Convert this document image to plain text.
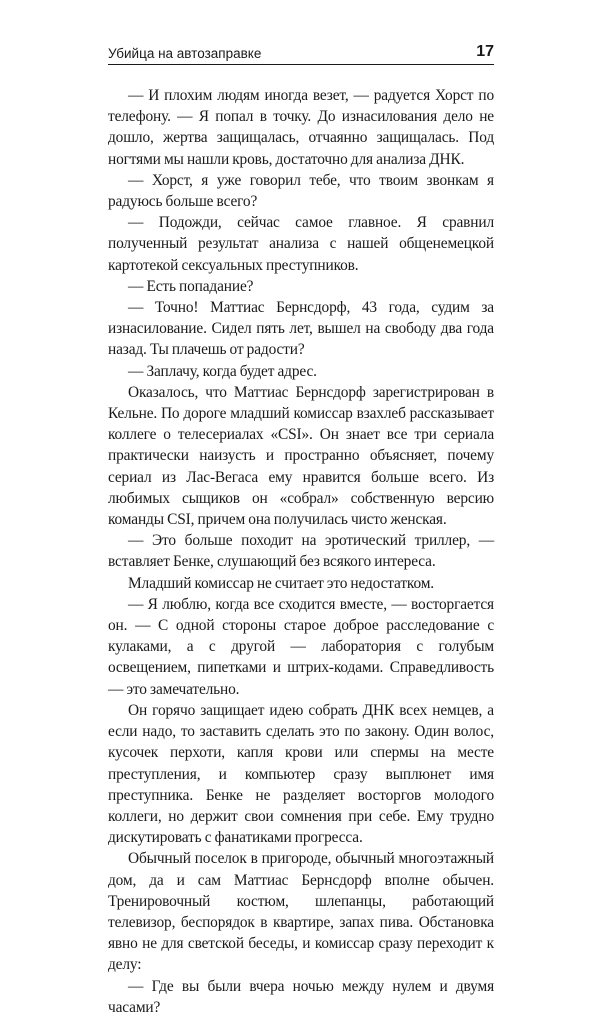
Убийца на автозаправке	17

— И плохим людям иногда везет, — радуется Хорст по телефону. — Я попал в точку. До изнасилования дело не дошло, жертва защищалась, отчаянно защищалась. Под ногтями мы нашли кровь, достаточно для анализа ДНК.

— Хорст, я уже говорил тебе, что твоим звонкам я радуюсь больше всего?

— Подожди, сейчас самое главное. Я сравнил полученный результат анализа с нашей общенемецкой картотекой сексуальных преступников.

— Есть попадание?

— Точно! Маттиас Бернсдорф, 43 года, судим за изнасилование. Сидел пять лет, вышел на свободу два года назад. Ты плачешь от радости?

— Заплачу, когда будет адрес.

Оказалось, что Маттиас Бернсдорф зарегистрирован в Кельне. По дороге младший комиссар взахлеб рассказывает коллеге о телесериалах «CSI». Он знает все три сериала практически наизусть и пространно объясняет, почему сериал из Лас-Вегаса ему нравится больше всего. Из любимых сыщиков он «собрал» собственную версию команды CSI, причем она получилась чисто женская.

— Это больше походит на эротический триллер, — вставляет Бенке, слушающий без всякого интереса.

Младший комиссар не считает это недостатком.

— Я люблю, когда все сходится вместе, — восторгается он. — С одной стороны старое доброе расследование с кулаками, а с другой — лаборатория с голубым освещением, пипетками и штрих-кодами. Справедливость — это замечательно.

Он горячо защищает идею собрать ДНК всех немцев, а если надо, то заставить сделать это по закону. Один волос, кусочек перхоти, капля крови или спермы на месте преступления, и компьютер сразу выплюнет имя преступника. Бенке не разделяет восторгов молодого коллеги, но держит свои сомнения при себе. Ему трудно дискутировать с фанатиками прогресса.

Обычный поселок в пригороде, обычный многоэтажный дом, да и сам Маттиас Бернсдорф вполне обычен. Тренировочный костюм, шлепанцы, работающий телевизор, беспорядок в квартире, запах пива. Обстановка явно не для светской беседы, и комиссар сразу переходит к делу:

— Где вы были вчера ночью между нулем и двумя часами?
